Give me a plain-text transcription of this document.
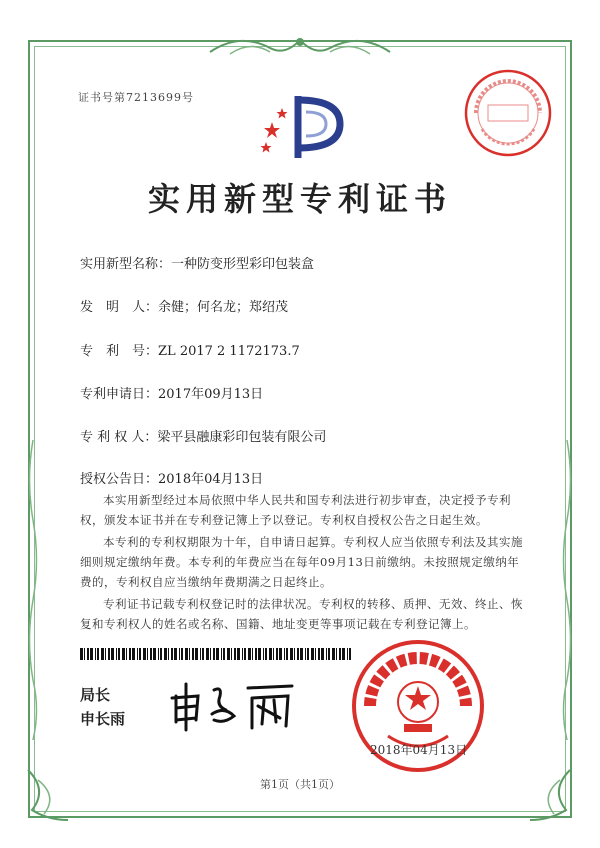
证书号第7213699号
实用新型专利证书
实用新型名称：一种防变形型彩印包装盒
发　明　人：余健；何名龙；郑绍茂
专　利　号：ZL 2017 2 1172173.7
专利申请日：2017年09月13日
专 利 权 人：梁平县融康彩印包装有限公司
授权公告日：2018年04月13日

本实用新型经过本局依照中华人民共和国专利法进行初步审查，决定授予专利权，颁发本证书并在专利登记簿上予以登记。专利权自授权公告之日起生效。

本专利的专利权期限为十年，自申请日起算。专利权人应当依照专利法及其实施细则规定缴纳年费。本专利的年费应当在每年09月13日前缴纳。未按照规定缴纳年费的，专利权自应当缴纳年费期满之日起终止。

专利证书记载专利权登记时的法律状况。专利权的转移、质押、无效、终止、恢复和专利权人的姓名或名称、国籍、地址变更等事项记载在专利登记簿上。

局长
申长雨
2018年04月13日
第1页（共1页）
